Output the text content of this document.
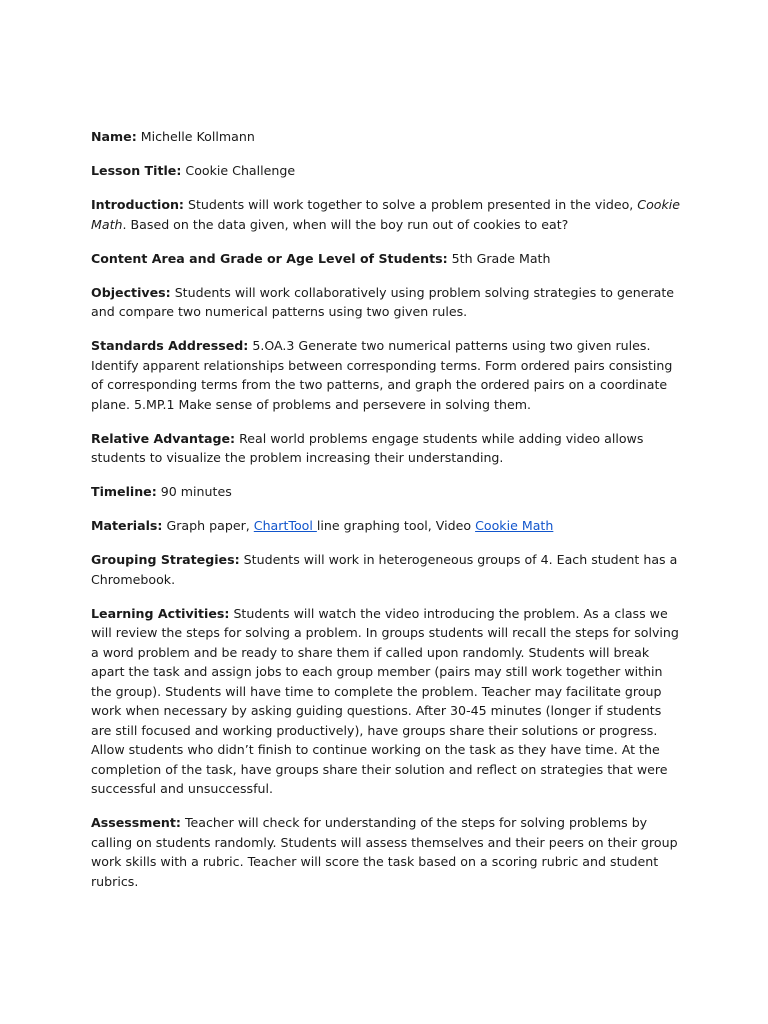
Name: Michelle Kollmann

Lesson Title: Cookie Challenge

Introduction: Students will work together to solve a problem presented in the video, Cookie Math. Based on the data given, when will the boy run out of cookies to eat?

Content Area and Grade or Age Level of Students: 5th Grade Math

Objectives: Students will work collaboratively using problem solving strategies to generate and compare two numerical patterns using two given rules.

Standards Addressed: 5.OA.3 Generate two numerical patterns using two given rules. Identify apparent relationships between corresponding terms. Form ordered pairs consisting of corresponding terms from the two patterns, and graph the ordered pairs on a coordinate plane. 5.MP.1 Make sense of problems and persevere in solving them.

Relative Advantage: Real world problems engage students while adding video allows students to visualize the problem increasing their understanding.

Timeline: 90 minutes

Materials: Graph paper, ChartTool line graphing tool, Video Cookie Math

Grouping Strategies: Students will work in heterogeneous groups of 4. Each student has a Chromebook.

Learning Activities: Students will watch the video introducing the problem. As a class we will review the steps for solving a problem. In groups students will recall the steps for solving a word problem and be ready to share them if called upon randomly. Students will break apart the task and assign jobs to each group member (pairs may still work together within the group). Students will have time to complete the problem. Teacher may facilitate group work when necessary by asking guiding questions. After 30-45 minutes (longer if students are still focused and working productively), have groups share their solutions or progress. Allow students who didn’t finish to continue working on the task as they have time. At the completion of the task, have groups share their solution and reflect on strategies that were successful and unsuccessful.

Assessment: Teacher will check for understanding of the steps for solving problems by calling on students randomly. Students will assess themselves and their peers on their group work skills with a rubric. Teacher will score the task based on a scoring rubric and student rubrics.
